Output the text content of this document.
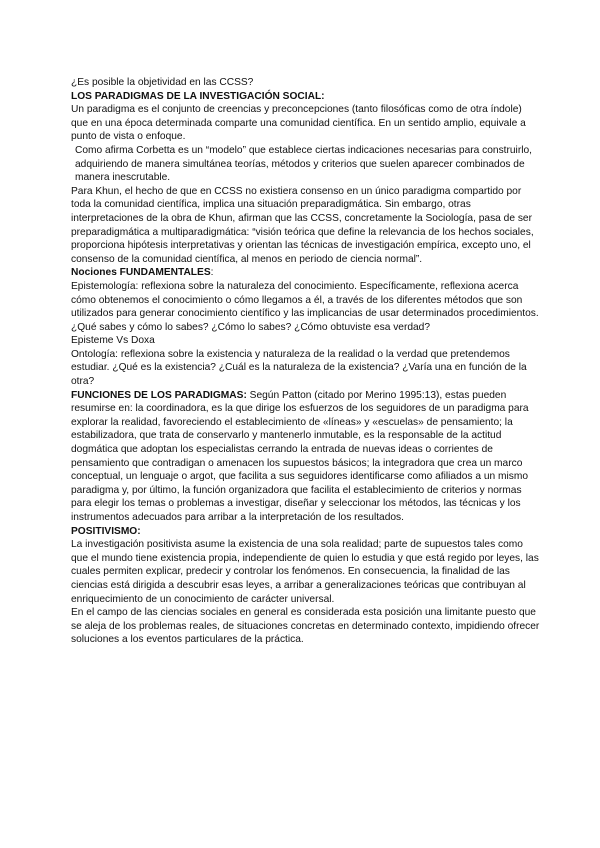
¿Es posible la objetividad en las CCSS?

LOS PARADIGMAS DE LA INVESTIGACIÓN SOCIAL:

Un paradigma es el conjunto de creencias y preconcepciones (tanto filosóficas como de otra índole) que en una época determinada comparte una comunidad científica. En un sentido amplio, equivale a punto de vista o enfoque.

Como afirma Corbetta es un “modelo” que establece ciertas indicaciones necesarias para construirlo, adquiriendo de manera simultánea teorías, métodos y criterios que suelen aparecer combinados de manera inescrutable.

Para Khun, el hecho de que en CCSS no existiera consenso en un único paradigma compartido por toda la comunidad científica, implica una situación preparadigmática. Sin embargo, otras interpretaciones de la obra de Khun, afirman que las CCSS, concretamente la Sociología, pasa de ser preparadigmática a multiparadigmática: “visión teórica que define la relevancia de los hechos sociales, proporciona hipótesis interpretativas y orientan las técnicas de investigación empírica, excepto uno, el consenso de la comunidad científica, al menos en periodo de ciencia normal”.

Nociones FUNDAMENTALES:

Epistemología: reflexiona sobre la naturaleza del conocimiento. Específicamente, reflexiona acerca cómo obtenemos el conocimiento o cómo llegamos a él, a través de los diferentes métodos que son utilizados para generar conocimiento científico y las implicancias de usar determinados procedimientos. ¿Qué sabes y cómo lo sabes? ¿Cómo lo sabes? ¿Cómo obtuviste esa verdad?

Episteme Vs Doxa

Ontología: reflexiona sobre la existencia y naturaleza de la realidad o la verdad que pretendemos estudiar. ¿Qué es la existencia? ¿Cuál es la naturaleza de la existencia? ¿Varía una en función de la otra?

FUNCIONES DE LOS PARADIGMAS: Según Patton (citado por Merino 1995:13), estas pueden resumirse en: la coordinadora, es la que dirige los esfuerzos de los seguidores de un paradigma para explorar la realidad, favoreciendo el establecimiento de «líneas» y «escuelas» de pensamiento; la estabilizadora, que trata de conservarlo y mantenerlo inmutable, es la responsable de la actitud dogmática que adoptan los especialistas cerrando la entrada de nuevas ideas o corrientes de pensamiento que contradigan o amenacen los supuestos básicos; la integradora que crea un marco conceptual, un lenguaje o argot, que facilita a sus seguidores identificarse como afiliados a un mismo paradigma y, por último, la función organizadora que facilita el establecimiento de criterios y normas para elegir los temas o problemas a investigar, diseñar y seleccionar los métodos, las técnicas y los instrumentos adecuados para arribar a la interpretación de los resultados.

POSITIVISMO:

La investigación positivista asume la existencia de una sola realidad; parte de supuestos tales como que el mundo tiene existencia propia, independiente de quien lo estudia y que está regido por leyes, las cuales permiten explicar, predecir y controlar los fenómenos. En consecuencia, la finalidad de las ciencias está dirigida a descubrir esas leyes, a arribar a generalizaciones teóricas que contribuyan al enriquecimiento de un conocimiento de carácter universal.

En el campo de las ciencias sociales en general es considerada esta posición una limitante puesto que se aleja de los problemas reales, de situaciones concretas en determinado contexto, impidiendo ofrecer soluciones a los eventos particulares de la práctica.
